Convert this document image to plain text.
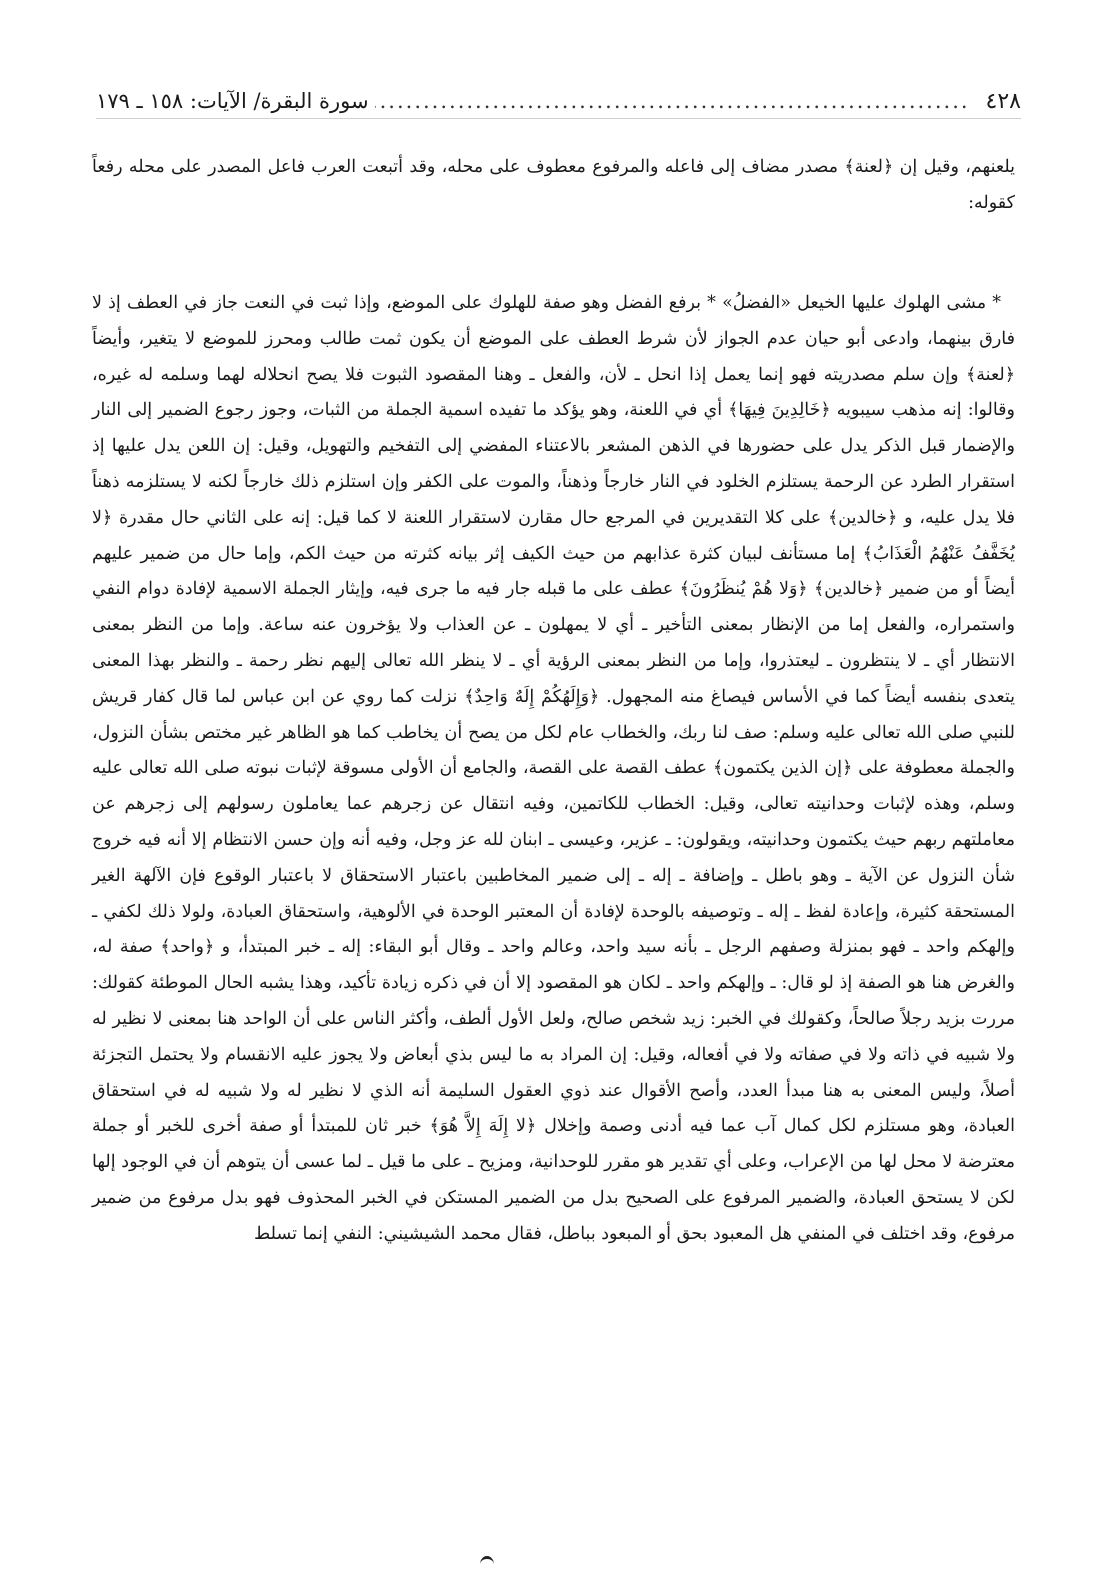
٤٢٨
.....
سورة البقرة/ الآيات: ١٥٨ ـ ١٧٩

يلعنهم، وقيل إن ﴿لعنة﴾ مصدر مضاف إلى فاعله والمرفوع معطوف على محله، وقد أتبعت العرب فاعل المصدر على محله رفعاً كقوله:

* مشى الهلوك عليها الخيعل «الفضلُ» * برفع الفضل وهو صفة للهلوك على الموضع، وإذا ثبت في النعت جاز في العطف إذ لا فارق بينهما، وادعى أبو حيان عدم الجواز لأن شرط العطف على الموضع أن يكون ثمت طالب ومحرز للموضع لا يتغير، وأيضاً ﴿لعنة﴾ وإن سلم مصدريته فهو إنما يعمل إذا انحل ـ لأن، والفعل ـ وهنا المقصود الثبوت فلا يصح انحلاله لهما وسلمه له غيره، وقالوا: إنه مذهب سيبويه ﴿خَالِدِينَ فِيهَا﴾ أي في اللعنة، وهو يؤكد ما تفيده اسمية الجملة من الثبات، وجوز رجوع الضمير إلى النار والإضمار قبل الذكر يدل على حضورها في الذهن المشعر بالاعتناء المفضي إلى التفخيم والتهويل، وقيل: إن اللعن يدل عليها إذ استقرار الطرد عن الرحمة يستلزم الخلود في النار خارجاً وذهناً، والموت على الكفر وإن استلزم ذلك خارجاً لكنه لا يستلزمه ذهناً فلا يدل عليه، و ﴿خالدين﴾ على كلا التقديرين في المرجع حال مقارن لاستقرار اللعنة لا كما قيل: إنه على الثاني حال مقدرة ﴿لا يُخَفَّفُ عَنْهُمُ الْعَذَابُ﴾ إما مستأنف لبيان كثرة عذابهم من حيث الكيف إثر بيانه كثرته من حيث الكم، وإما حال من ضمير عليهم أيضاً أو من ضمير ﴿خالدين﴾ ﴿وَلا هُمْ يُنظَرُونَ﴾ عطف على ما قبله جار فيه ما جرى فيه، وإيثار الجملة الاسمية لإفادة دوام النفي واستمراره، والفعل إما من الإنظار بمعنى التأخير ـ أي لا يمهلون ـ عن العذاب ولا يؤخرون عنه ساعة. وإما من النظر بمعنى الانتظار أي ـ لا ينتظرون ـ ليعتذروا، وإما من النظر بمعنى الرؤية أي ـ لا ينظر الله تعالى إليهم نظر رحمة ـ والنظر بهذا المعنى يتعدى بنفسه أيضاً كما في الأساس فيصاغ منه المجهول. ﴿وَإِلَهُكُمْ إِلَهٌ وَاحِدٌ﴾ نزلت كما روي عن ابن عباس لما قال كفار قريش للنبي صلى الله تعالى عليه وسلم: صف لنا ربك، والخطاب عام لكل من يصح أن يخاطب كما هو الظاهر غير مختص بشأن النزول، والجملة معطوفة على ﴿إن الذين يكتمون﴾ عطف القصة على القصة، والجامع أن الأولى مسوقة لإثبات نبوته صلى الله تعالى عليه وسلم، وهذه لإثبات وحدانيته تعالى، وقيل: الخطاب للكاتمين، وفيه انتقال عن زجرهم عما يعاملون رسولهم إلى زجرهم عن معاملتهم ربهم حيث يكتمون وحدانيته، ويقولون: ـ عزير، وعيسى ـ ابنان لله عز وجل، وفيه أنه وإن حسن الانتظام إلا أنه فيه خروج شأن النزول عن الآية ـ وهو باطل ـ وإضافة ـ إله ـ إلى ضمير المخاطبين باعتبار الاستحقاق لا باعتبار الوقوع فإن الآلهة الغير المستحقة كثيرة، وإعادة لفظ ـ إله ـ وتوصيفه بالوحدة لإفادة أن المعتبر الوحدة في الألوهية، واستحقاق العبادة، ولولا ذلك لكفي ـ وإلهكم واحد ـ فهو بمنزلة وصفهم الرجل ـ بأنه سيد واحد، وعالم واحد ـ وقال أبو البقاء: إله ـ خبر المبتدأ، و ﴿واحد﴾ صفة له، والغرض هنا هو الصفة إذ لو قال: ـ وإلهكم واحد ـ لكان هو المقصود إلا أن في ذكره زيادة تأكيد، وهذا يشبه الحال الموطئة كقولك: مررت بزيد رجلاً صالحاً، وكقولك في الخبر: زيد شخص صالح، ولعل الأول ألطف، وأكثر الناس على أن الواحد هنا بمعنى لا نظير له ولا شبيه في ذاته ولا في صفاته ولا في أفعاله، وقيل: إن المراد به ما ليس بذي أبعاض ولا يجوز عليه الانقسام ولا يحتمل التجزئة أصلاً، وليس المعنى به هنا مبدأ العدد، وأصح الأقوال عند ذوي العقول السليمة أنه الذي لا نظير له ولا شبيه له في استحقاق العبادة، وهو مستلزم لكل كمال آب عما فيه أدنى وصمة وإخلال ﴿لا إِلَهَ إِلاَّ هُوَ﴾ خبر ثان للمبتدأ أو صفة أخرى للخبر أو جملة معترضة لا محل لها من الإعراب، وعلى أي تقدير هو مقرر للوحدانية، ومزيح ـ على ما قيل ـ لما عسى أن يتوهم أن في الوجود إلها لكن لا يستحق العبادة، والضمير المرفوع على الصحيح بدل من الضمير المستكن في الخبر المحذوف فهو بدل مرفوع من ضمير مرفوع، وقد اختلف في المنفي هل المعبود بحق أو المبعود بباطل، فقال محمد الشيشيني: النفي إنما تسلط
